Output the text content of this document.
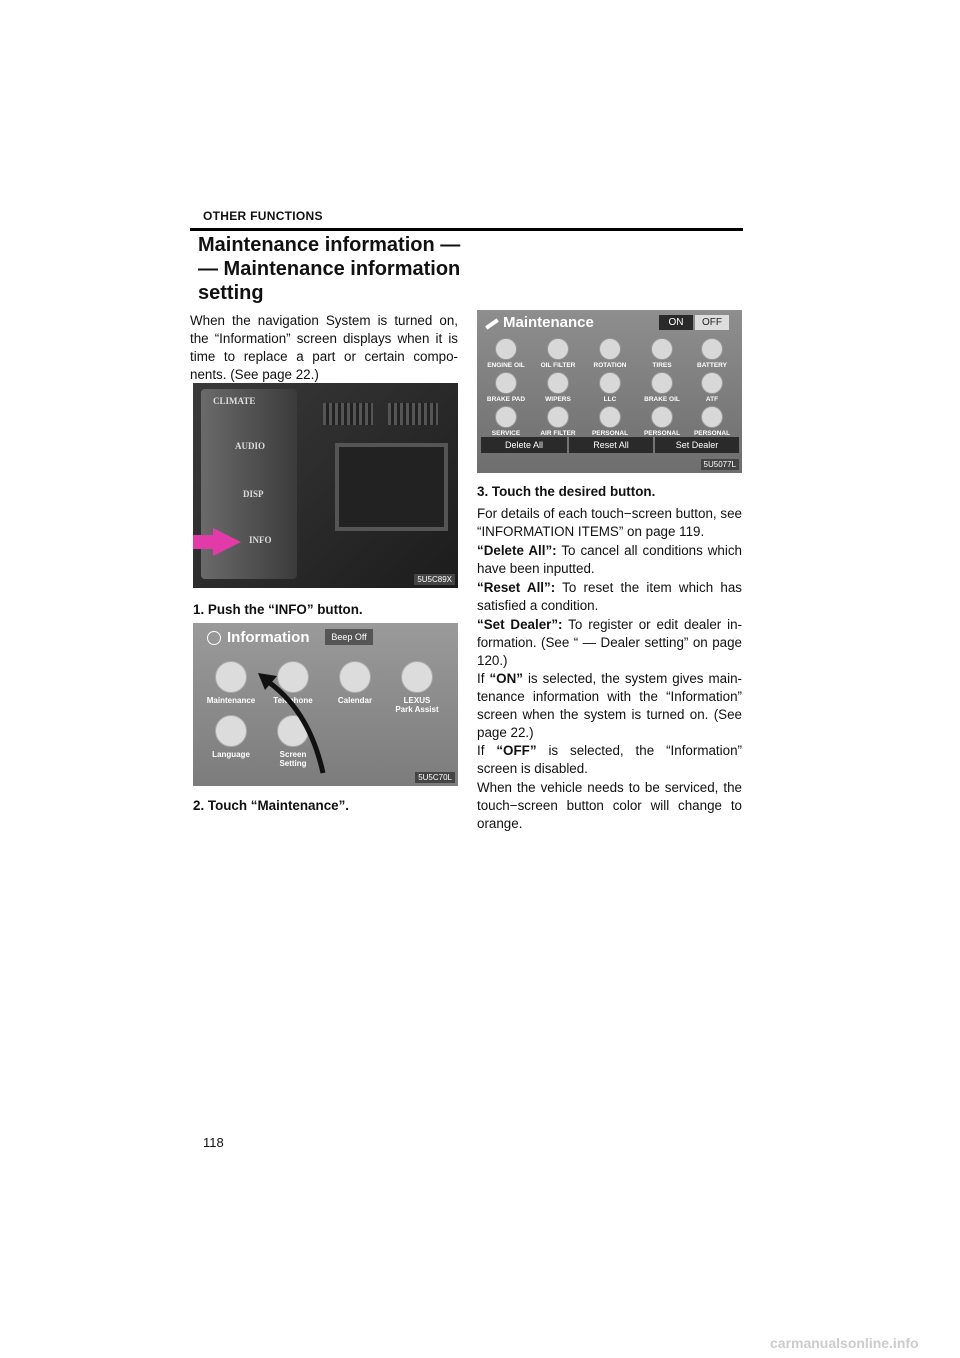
OTHER FUNCTIONS
Maintenance information —
— Maintenance information setting
When the navigation System is turned on, the “Information” screen displays when it is time to replace a part or certain compo-nents. (See page 22.)
CLIMATE
AUDIO
DISP
INFO
5U5C89X
1. Push the “INFO” button.
Information	Beep Off
Maintenance	Telephone	Calendar	LEXUS
Park Assist
Language	Screen
Setting
5U5C70L
2. Touch “Maintenance”.
Maintenance	ON	OFF
ENGINE OIL	OIL FILTER	ROTATION	TIRES	BATTERY
BRAKE PAD	WIPERS	LLC	BRAKE OIL	ATF
SERVICE	AIR FILTER	PERSONAL	PERSONAL	PERSONAL
Delete All	Reset All	Set Dealer
5U5077L
3. Touch the desired button.
For details of each touch−screen button, see “INFORMATION ITEMS” on page 119.
“Delete All”: To cancel all conditions which have been inputted.
“Reset All”: To reset the item which has satisfied a condition.
“Set Dealer”: To register or edit dealer in-formation. (See “ — Dealer setting” on page 120.)
If “ON” is selected, the system gives main-tenance information with the “Information” screen when the system is turned on. (See page 22.)
If “OFF” is selected, the “Information” screen is disabled.
When the vehicle needs to be serviced, the touch−screen button color will change to orange.
118
carmanualsonline.info
